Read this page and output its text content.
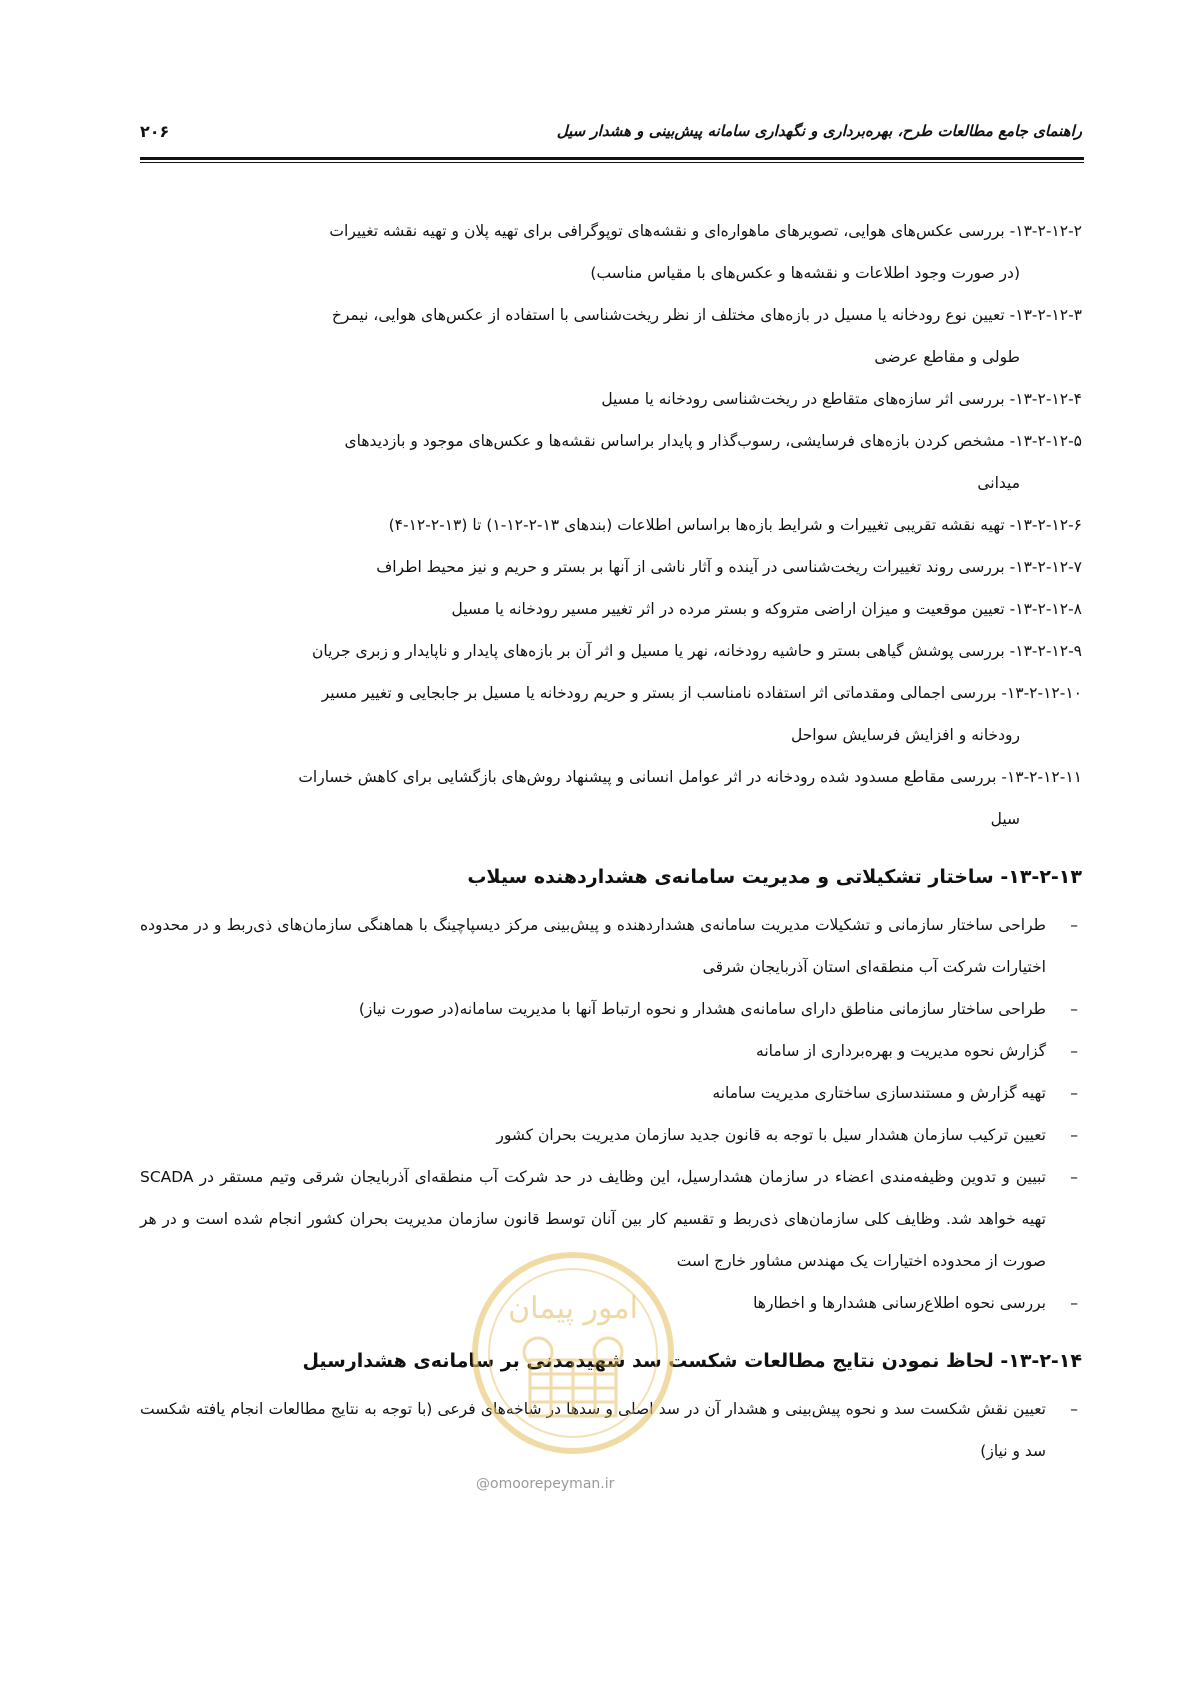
راهنمای جامع مطالعات طرح، بهره‌برداری و نگهداری سامانه پیش‌بینی و هشدار سیل
۲۰۶
۱۳-۲-۱۲-۲- بررسی عکس‌های هوایی، تصویرهای ماهواره‌ای و نقشه‌های توپوگرافی برای تهیه پلان و تهیه نقشه تغییرات
(در صورت وجود اطلاعات و نقشه‌ها و عکس‌های با مقیاس مناسب)
۱۳-۲-۱۲-۳- تعیین نوع رودخانه یا مسیل در بازه‌های مختلف از نظر ریخت‌شناسی با استفاده از عکس‌های هوایی، نیمرخ
طولی و مقاطع عرضی
۱۳-۲-۱۲-۴- بررسی اثر سازه‌های متقاطع در ریخت‌شناسی رودخانه یا مسیل
۱۳-۲-۱۲-۵- مشخص کردن بازه‌های فرسایشی، رسوب‌گذار و پایدار براساس نقشه‌ها و عکس‌های موجود و بازدیدهای
میدانی
۱۳-۲-۱۲-۶- تهیه نقشه تقریبی تغییرات و شرایط بازه‌ها براساس اطلاعات (بندهای ۱۳-۲-۱۲-۱) تا (۱۳-۲-۱۲-۴)
۱۳-۲-۱۲-۷- بررسی روند تغییرات ریخت‌شناسی در آینده و آثار ناشی از آنها بر بستر و حریم و نیز محیط اطراف
۱۳-۲-۱۲-۸- تعیین موقعیت و میزان اراضی متروکه و بستر مرده در اثر تغییر مسیر رودخانه یا مسیل
۱۳-۲-۱۲-۹- بررسی پوشش گیاهی بستر و حاشیه رودخانه، نهر یا مسیل و اثر آن بر بازه‌های پایدار و ناپایدار و زبری جریان
۱۳-۲-۱۲-۱۰- بررسی اجمالی ومقدماتی اثر استفاده نامناسب از بستر و حریم رودخانه یا مسیل بر جابجایی و تغییر مسیر
رودخانه و افزایش فرسایش سواحل
۱۳-۲-۱۲-۱۱- بررسی مقاطع مسدود شده رودخانه در اثر عوامل انسانی و پیشنهاد روش‌های بازگشایی برای کاهش خسارات
سیل
۱۳-۲-۱۳- ساختار تشکیلاتی و مدیریت سامانه‌ی هشداردهنده سیلاب
–
طراحی ساختار سازمانی و تشکیلات مدیریت سامانه‌ی هشداردهنده و پیش‌بینی مرکز دیسپاچینگ با هماهنگی سازمان‌های ذی‌ربط و در محدوده اختیارات شرکت آب منطقه‌ای استان آذربایجان شرقی
–
طراحی ساختار سازمانی مناطق دارای سامانه‌ی هشدار و نحوه ارتباط آنها با مدیریت سامانه(در صورت نیاز)
–
گزارش نحوه مدیریت و بهره‌برداری از سامانه
–
تهیه گزارش و مستندسازی ساختاری مدیریت سامانه
–
تعیین ترکیب سازمان هشدار سیل با توجه به قانون جدید سازمان مدیریت بحران کشور
–
تبیین و تدوین وظیفه‌مندی اعضاء در سازمان هشدارسیل، این وظایف در حد شرکت آب منطقه‌ای آذربایجان شرقی وتیم مستقر در SCADA تهیه خواهد شد. وظایف کلی سازمان‌های ذی‌ربط و تقسیم کار بین آنان توسط قانون سازمان مدیریت بحران کشور انجام شده است و در هر صورت از محدوده اختیارات یک مهندس مشاور خارج است
–
بررسی نحوه اطلاع‌رسانی هشدارها و اخطارها
۱۳-۲-۱۴- لحاظ نمودن نتایج مطالعات شکست سد شهیدمدنی بر سامانه‌ی هشدارسیل
–
تعیین نقش شکست سد و نحوه پیش‌بینی و هشدار آن در سد اصلی و سدها در شاخه‌های فرعی (با توجه به نتایج مطالعات انجام یافته شکست سد و نیاز)
امور پیمان
@omoorepeyman.ir
